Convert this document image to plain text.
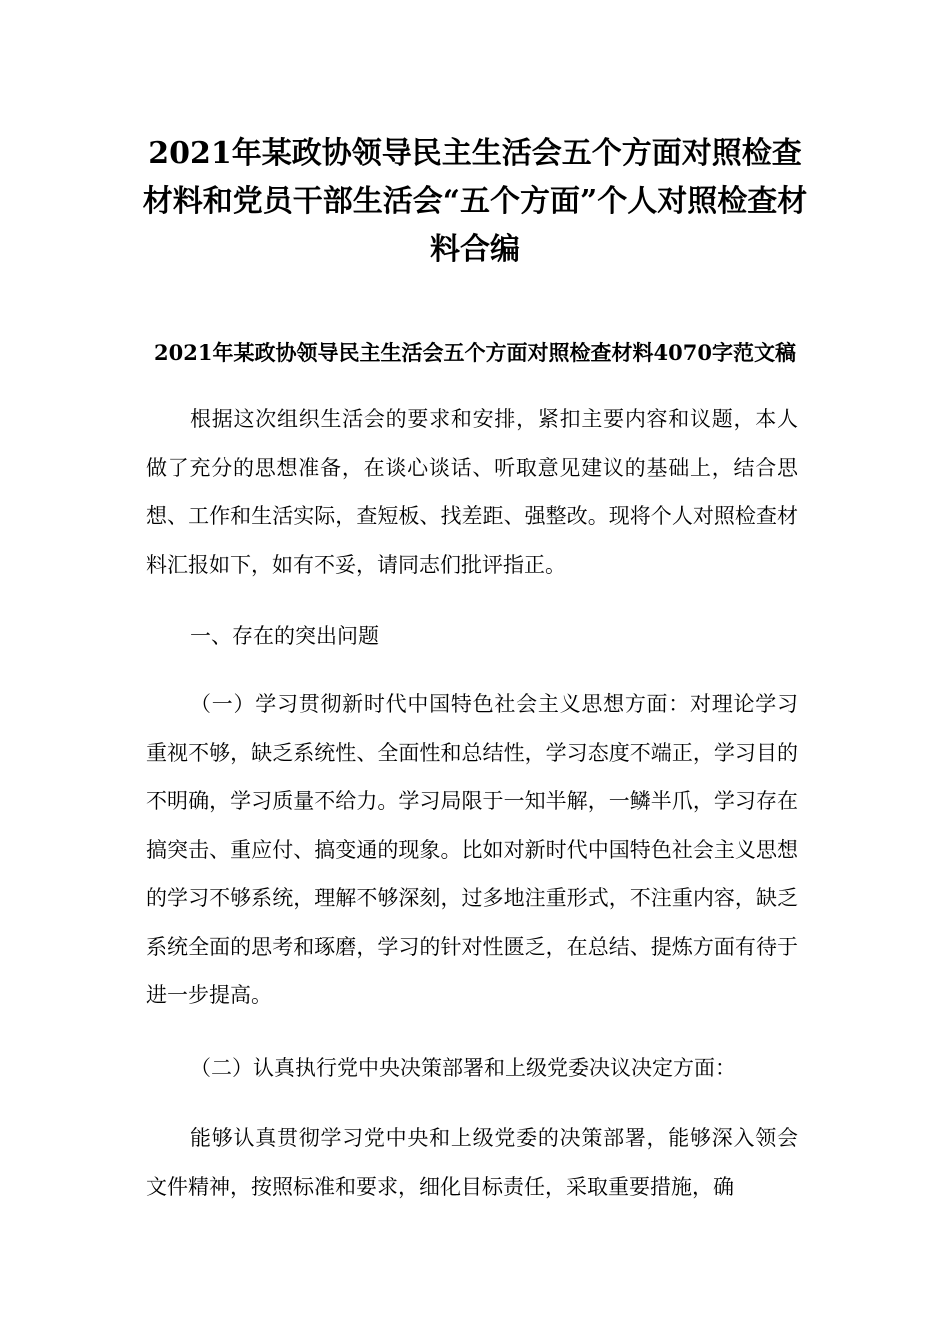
2021年某政协领导民主生活会五个方面对照检查材料和党员干部生活会“五个方面”个人对照检查材料合编
2021年某政协领导民主生活会五个方面对照检查材料4070字范文稿

根据这次组织生活会的要求和安排，紧扣主要内容和议题，本人做了充分的思想准备，在谈心谈话、听取意见建议的基础上，结合思想、工作和生活实际，查短板、找差距、强整改。现将个人对照检查材料汇报如下，如有不妥，请同志们批评指正。

一、存在的突出问题

（一）学习贯彻新时代中国特色社会主义思想方面：对理论学习重视不够，缺乏系统性、全面性和总结性，学习态度不端正，学习目的不明确，学习质量不给力。学习局限于一知半解，一鳞半爪，学习存在搞突击、重应付、搞变通的现象。比如对新时代中国特色社会主义思想的学习不够系统，理解不够深刻，过多地注重形式，不注重内容，缺乏系统全面的思考和琢磨，学习的针对性匮乏，在总结、提炼方面有待于进一步提高。

（二）认真执行党中央决策部署和上级党委决议决定方面：

能够认真贯彻学习党中央和上级党委的决策部署，能够深入领会文件精神，按照标准和要求，细化目标责任，采取重要措施，确
